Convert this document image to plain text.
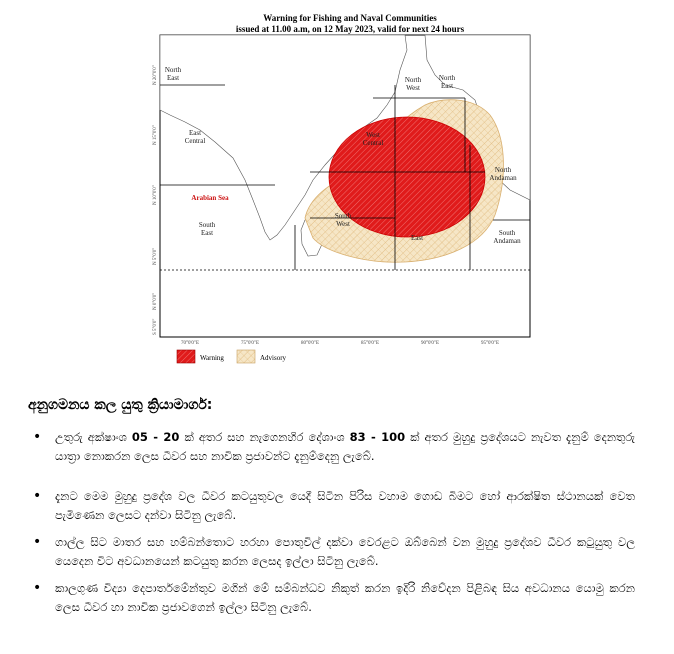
Warning for Fishing and Naval Communities
issued at 11.00 a.m, on 12 May 2023, valid for next 24 hours
North East
East Central
Arabian Sea
South East
North West
North East
West Central
North Andaman
South West
East
South Andaman
N 20°0'0"
N 15°0'0"
N 10°0'0"
N 5°0'0"
N 0°0'0"
S 5°0'0"
70°0'0"E	75°0'0"E	80°0'0"E	85°0'0"E	90°0'0"E	95°0'0"E
Warning	Advisory
අනුගමනය කල යුතු ක්‍රියාමාර්ග:
• උතුරු අක්ෂාංශ 05 - 20 ක් අතර සහ නැගෙනහිර දේශාංශ 83 - 100 ක් අතර මුහුදු ප්‍රදේශයට නැවත දැනුම් දෙනතුරු යාත්‍රා නොකරන ලෙස ධීවර සහ නාවික ප්‍රජාවන්ට දැනුම්දෙනු ලැබේ.
• දැනට මෙම මුහුදු ප්‍රදේශ වල ධීවර කටයුතුවල යෙදී සිටින පිරිස වහාම ගොඩ බිමට හෝ ආරක්ෂිත ස්ථානයක් වෙත පැමිණෙන ලෙසට දන්වා සිටිනු ලැබේ.
• ගාල්ල සිට මාතර සහ හම්බන්තොට හරහා පොතුවිල් දක්වා වෙරළට ඔබ්බෙන් වන මුහුදු ප්‍රදේශව ධීවර කටුයුතු වල යෙදෙන විට අවධානයෙන් කටයුතු කරන ලෙසද ඉල්ලා සිටිනු ලැබේ.
• කාලගුණ විද්‍යා දෙපාර්තමේන්තුව මගින් මේ සම්බන්ධව නිකුත් කරන ඉදිරි නිවේදන පිළිබඳ සිය අවධානය යොමු කරන ලෙස ධීවර හා නාවික ප්‍රජාවගෙන් ඉල්ලා සිටිනු ලැබේ.
